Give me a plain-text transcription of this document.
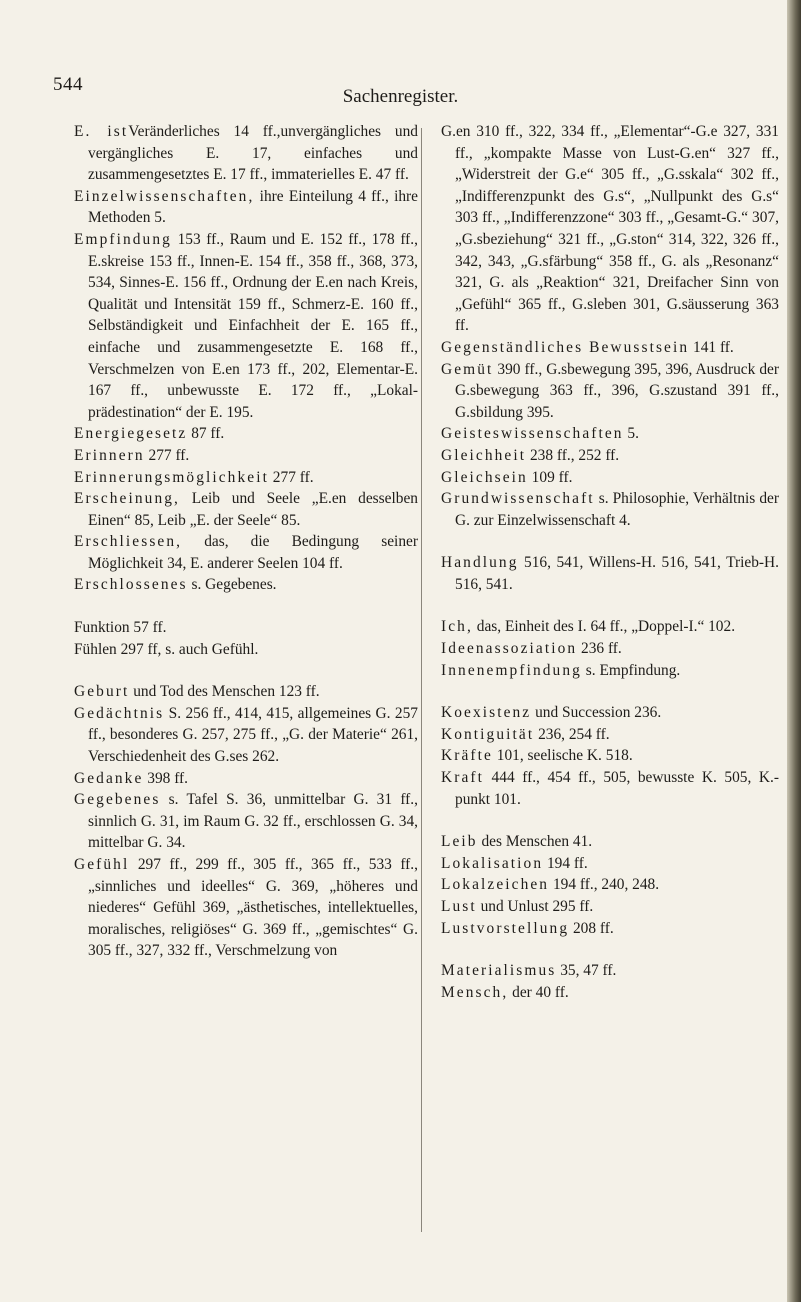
544
Sachenregister.

E. istVeränderliches 14 ff.,unvergängliches und vergängliches E. 17, einfaches und zusammengesetztes E. 17 ff., immaterielles E. 47 ff.

Einzelwissenschaften, ihre Einteilung 4 ff., ihre Methoden 5.

Empfindung 153 ff., Raum und E. 152 ff., 178 ff., E.skreise 153 ff., Innen-E. 154 ff., 358 ff., 368, 373, 534, Sinnes-E. 156 ff., Ordnung der E.en nach Kreis, Qualität und Intensität 159 ff., Schmerz-E. 160 ff., Selbständigkeit und Einfachheit der E. 165 ff., einfache und zusammengesetzte E. 168 ff., Verschmelzen von E.en 173 ff., 202, Elementar-E. 167 ff., unbewusste E. 172 ff., „Lokal-prädestination“ der E. 195.

Energiegesetz 87 ff.

Erinnern 277 ff.

Erinnerungsmöglichkeit 277 ff.

Erscheinung, Leib und Seele „E.en desselben Einen“ 85, Leib „E. der Seele“ 85.

Erschliessen, das, die Bedingung seiner Möglichkeit 34, E. anderer Seelen 104 ff.

Erschlossenes s. Gegebenes.

Funktion 57 ff.

Fühlen 297 ff, s. auch Gefühl.

Geburt und Tod des Menschen 123 ff.

Gedächtnis S. 256 ff., 414, 415, allgemeines G. 257 ff., besonderes G. 257, 275 ff., „G. der Materie“ 261, Verschiedenheit des G.ses 262.

Gedanke 398 ff.

Gegebenes s. Tafel S. 36, unmittelbar G. 31 ff., sinnlich G. 31, im Raum G. 32 ff., erschlossen G. 34, mittelbar G. 34.

Gefühl 297 ff., 299 ff., 305 ff., 365 ff., 533 ff., „sinnliches und ideelles“ G. 369, „höheres und niederes“ Gefühl 369, „ästhetisches, intellektuelles, moralisches, religiöses“ G. 369 ff., „gemischtes“ G. 305 ff., 327, 332 ff., Verschmelzung von

G.en 310 ff., 322, 334 ff., „Elementar“-G.e 327, 331 ff., „kompakte Masse von Lust-G.en“ 327 ff., „Widerstreit der G.e“ 305 ff., „G.sskala“ 302 ff., „Indifferenzpunkt des G.s“, „Nullpunkt des G.s“ 303 ff., „Indifferenzzone“ 303 ff., „Gesamt-G.“ 307, „G.sbeziehung“ 321 ff., „G.ston“ 314, 322, 326 ff., 342, 343, „G.sfärbung“ 358 ff., G. als „Resonanz“ 321, G. als „Reaktion“ 321, Dreifacher Sinn von „Gefühl“ 365 ff., G.sleben 301, G.säusserung 363 ff.

Gegenständliches Bewusstsein 141 ff.

Gemüt 390 ff., G.sbewegung 395, 396, Ausdruck der G.sbewegung 363 ff., 396, G.szustand 391 ff., G.sbildung 395.

Geisteswissenschaften 5.

Gleichheit 238 ff., 252 ff.

Gleichsein 109 ff.

Grundwissenschaft s. Philosophie, Verhältnis der G. zur Einzelwissenschaft 4.

Handlung 516, 541, Willens-H. 516, 541, Trieb-H. 516, 541.

Ich, das, Einheit des I. 64 ff., „Doppel-I.“ 102.

Ideenassoziation 236 ff.

Innenempfindung s. Empfindung.

Koexistenz und Succession 236.

Kontiguität 236, 254 ff.

Kräfte 101, seelische K. 518.

Kraft 444 ff., 454 ff., 505, bewusste K. 505, K.-punkt 101.

Leib des Menschen 41.

Lokalisation 194 ff.

Lokalzeichen 194 ff., 240, 248.

Lust und Unlust 295 ff.

Lustvorstellung 208 ff.

Materialismus 35, 47 ff.

Mensch, der 40 ff.
